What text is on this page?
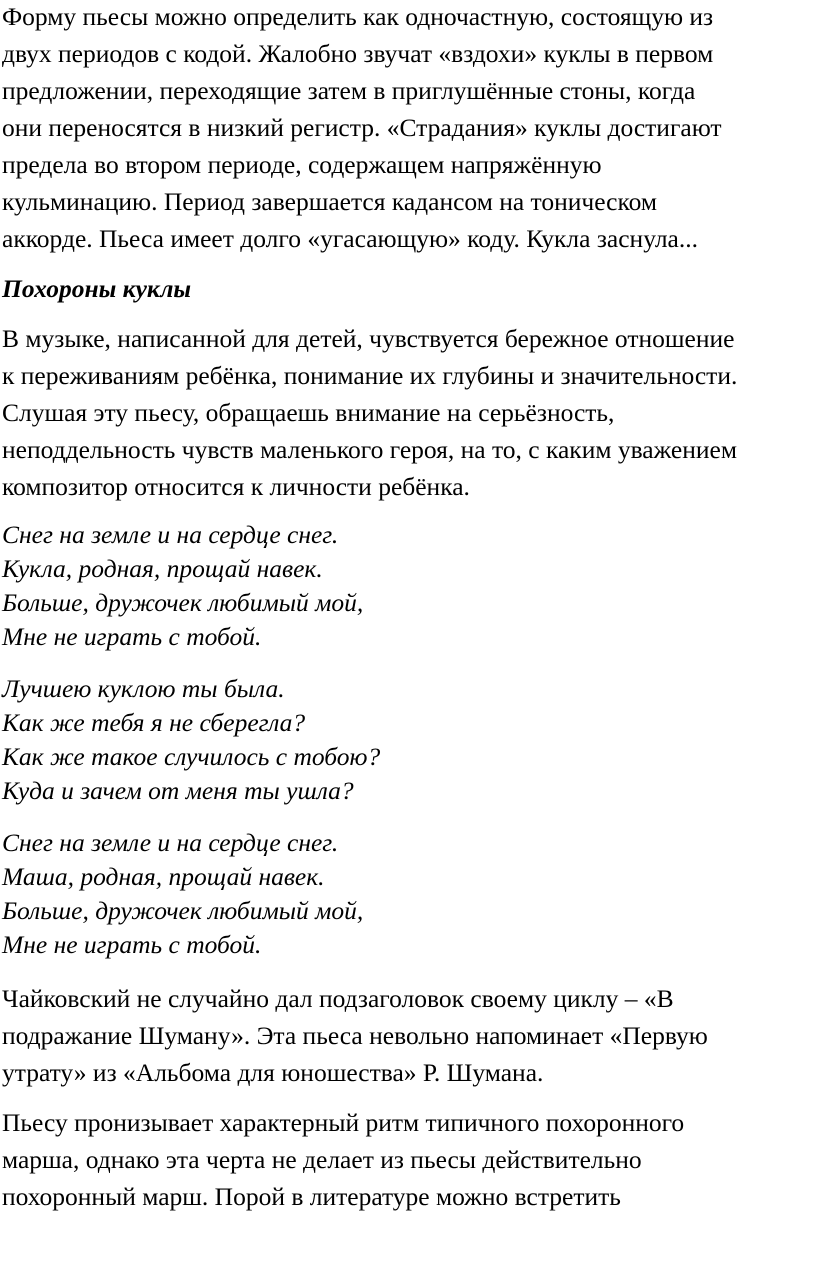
Форму пьесы можно определить как одночастную, состоящую из
двух периодов с кодой. Жалобно звучат «вздохи» куклы в первом
предложении, переходящие затем в приглушённые стоны, когда
они переносятся в низкий регистр. «Страдания» куклы достигают
предела во втором периоде, содержащем напряжённую
кульминацию. Период завершается кадансом на тоническом
аккорде. Пьеса имеет долго «угасающую» коду. Кукла заснула...
Похороны куклы
В музыке, написанной для детей, чувствуется бережное отношение
к переживаниям ребёнка, понимание их глубины и значительности.
Слушая эту пьесу, обращаешь внимание на серьёзность,
неподдельность чувств маленького героя, на то, с каким уважением
композитор относится к личности ребёнка.
Снег на земле и на сердце снег.
Кукла, родная, прощай навек.
Больше, дружочек любимый мой,
Мне не играть с тобой.
Лучшею куклою ты была.
Как же тебя я не сберегла?
Как же такое случилось с тобою?
Куда и зачем от меня ты ушла?
Снег на земле и на сердце снег.
Маша, родная, прощай навек.
Больше, дружочек любимый мой,
Мне не играть с тобой.
Чайковский не случайно дал подзаголовок своему циклу – «В
подражание Шуману». Эта пьеса невольно напоминает «Первую
утрату» из «Альбома для юношества» Р. Шумана.
Пьесу пронизывает характерный ритм типичного похоронного
марша, однако эта черта не делает из пьесы действительно
похоронный марш. Порой в литературе можно встретить
